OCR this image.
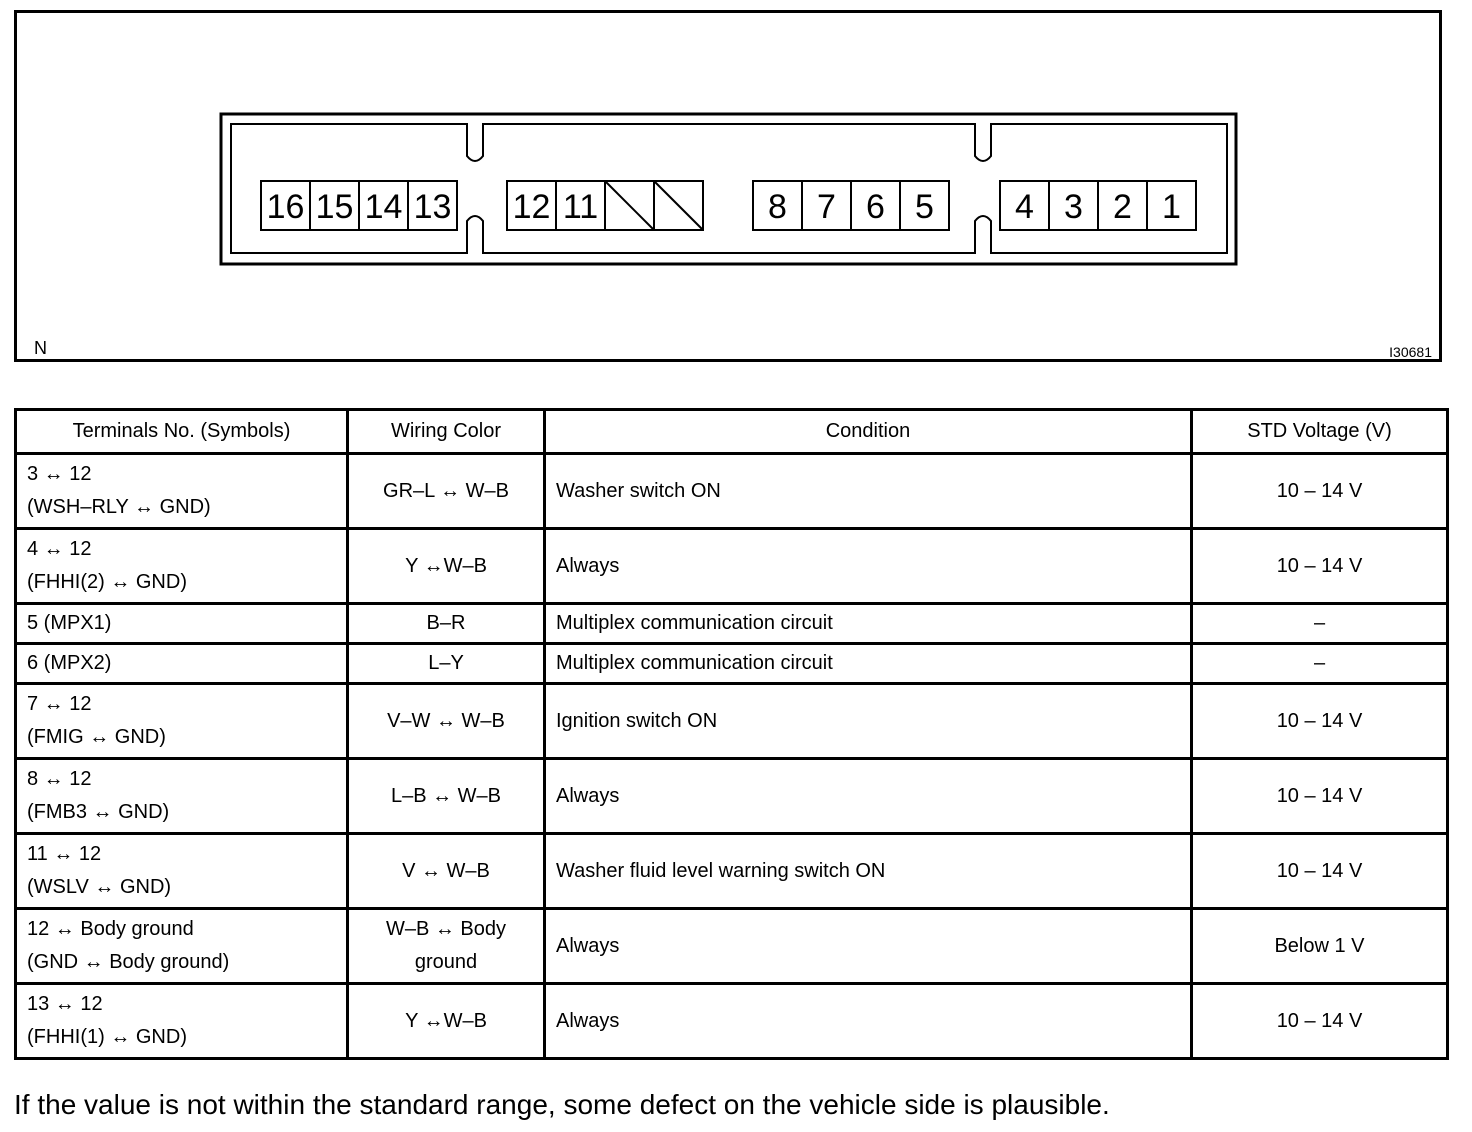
16 15 14 13 12 11	8 7 6 5 4 3 2 1
N	I30681
Terminals No. (Symbols)	Wiring Color	Condition	STD Voltage (V)

3 ↔ 12
(WSH–RLY ↔ GND)	GR–L ↔ W–B	Washer switch ON	10 – 14 V

4 ↔ 12
(FHHI(2) ↔ GND)	Y ↔W–B	Always	10 – 14 V

5 (MPX1)	B–R	Multiplex communication circuit	–

6 (MPX2)	L–Y	Multiplex communication circuit	–

7 ↔ 12
(FMIG ↔ GND)	V–W ↔ W–B	Ignition switch ON	10 – 14 V

8 ↔ 12
(FMB3 ↔ GND)	L–B ↔ W–B	Always	10 – 14 V

11 ↔ 12
(WSLV ↔ GND)	V ↔ W–B	Washer fluid level warning switch ON	10 – 14 V

12 ↔ Body ground
(GND ↔ Body ground)	W–B ↔ Body
ground	Always	Below 1 V

13 ↔ 12
(FHHI(1) ↔ GND)	Y ↔W–B	Always	10 – 14 V
If the value is not within the standard range, some defect on the vehicle side is plausible.
